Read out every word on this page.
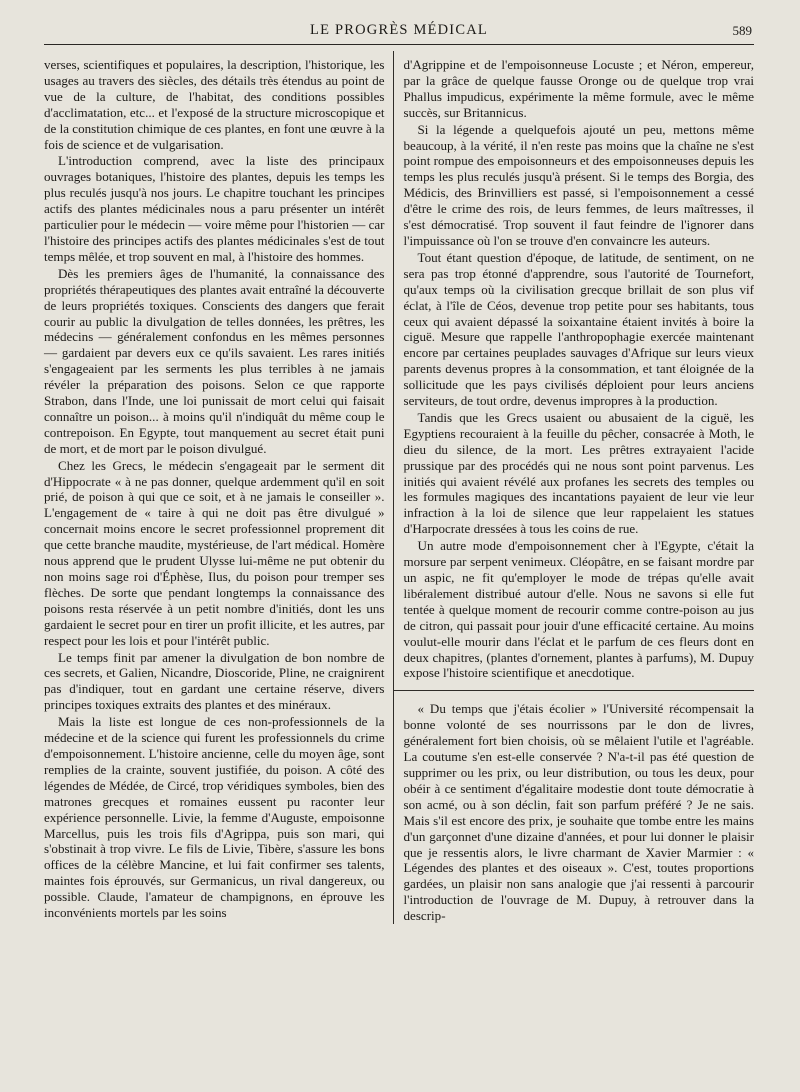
LE PROGRÈS MÉDICAL	589

verses, scientifiques et populaires, la description, l'historique, les usages au travers des siècles, des détails très étendus au point de vue de la culture, de l'habitat, des conditions possibles d'acclimatation, etc... et l'exposé de la structure microscopique et de la constitution chimique de ces plantes, en font une œuvre à la fois de science et de vulgarisation.

L'introduction comprend, avec la liste des principaux ouvrages botaniques, l'histoire des plantes, depuis les temps les plus reculés jusqu'à nos jours. Le chapitre touchant les principes actifs des plantes médicinales nous a paru présenter un intérêt particulier pour le médecin — voire même pour l'historien — car l'histoire des principes actifs des plantes médicinales s'est de tout temps mêlée, et trop souvent en mal, à l'histoire des hommes.

Dès les premiers âges de l'humanité, la connaissance des propriétés thérapeutiques des plantes avait entraîné la découverte de leurs propriétés toxiques. Conscients des dangers que ferait courir au public la divulgation de telles données, les prêtres, les médecins — généralement confondus en les mêmes personnes — gardaient par devers eux ce qu'ils savaient. Les rares initiés s'engageaient par les serments les plus terribles à ne jamais révéler la préparation des poisons. Selon ce que rapporte Strabon, dans l'Inde, une loi punissait de mort celui qui faisait connaître un poison... à moins qu'il n'indiquât du même coup le contrepoison. En Egypte, tout manquement au secret était puni de mort, et de mort par le poison divulgué.

Chez les Grecs, le médecin s'engageait par le serment dit d'Hippocrate « à ne pas donner, quelque ardemment qu'il en soit prié, de poison à qui que ce soit, et à ne jamais le conseiller ». L'engagement de « taire à qui ne doit pas être divulgué » concernait moins encore le secret professionnel proprement dit que cette branche maudite, mystérieuse, de l'art médical. Homère nous apprend que le prudent Ulysse lui-même ne put obtenir du non moins sage roi d'Éphèse, Ilus, du poison pour tremper ses flèches. De sorte que pendant longtemps la connaissance des poisons resta réservée à un petit nombre d'initiés, dont les uns gardaient le secret pour en tirer un profit illicite, et les autres, par respect pour les lois et pour l'intérêt public.

Le temps finit par amener la divulgation de bon nombre de ces secrets, et Galien, Nicandre, Dioscoride, Pline, ne craignirent pas d'indiquer, tout en gardant une certaine réserve, divers principes toxiques extraits des plantes et des minéraux.

Mais la liste est longue de ces non-professionnels de la médecine et de la science qui furent les professionnels du crime d'empoisonnement. L'histoire ancienne, celle du moyen âge, sont remplies de la crainte, souvent justifiée, du poison. A côté des légendes de Médée, de Circé, trop véridiques symboles, bien des matrones grecques et romaines eussent pu raconter leur expérience personnelle. Livie, la femme d'Auguste, empoisonne Marcellus, puis les trois fils d'Agrippa, puis son mari, qui s'obstinait à trop vivre. Le fils de Livie, Tibère, s'assure les bons offices de la célèbre Mancine, et lui fait confirmer ses talents, maintes fois éprouvés, sur Germanicus, un rival dangereux, ou possible. Claude, l'amateur de champignons, en éprouve les inconvénients mortels par les soins

d'Agrippine et de l'empoisonneuse Locuste ; et Néron, empereur, par la grâce de quelque fausse Oronge ou de quelque trop vrai Phallus impudicus, expérimente la même formule, avec le même succès, sur Britannicus.

Si la légende a quelquefois ajouté un peu, mettons même beaucoup, à la vérité, il n'en reste pas moins que la chaîne ne s'est point rompue des empoisonneurs et des empoisonneuses depuis les temps les plus reculés jusqu'à présent. Si le temps des Borgia, des Médicis, des Brinvilliers est passé, si l'empoisonnement a cessé d'être le crime des rois, de leurs femmes, de leurs maîtresses, il s'est démocratisé. Trop souvent il faut feindre de l'ignorer dans l'impuissance où l'on se trouve d'en convaincre les auteurs.

Tout étant question d'époque, de latitude, de sentiment, on ne sera pas trop étonné d'apprendre, sous l'autorité de Tournefort, qu'aux temps où la civilisation grecque brillait de son plus vif éclat, à l'île de Céos, devenue trop petite pour ses habitants, tous ceux qui avaient dépassé la soixantaine étaient invités à boire la ciguë. Mesure que rappelle l'anthropophagie exercée maintenant encore par certaines peuplades sauvages d'Afrique sur leurs vieux parents devenus propres à la consommation, et tant éloignée de la sollicitude que les pays civilisés déploient pour leurs anciens serviteurs, de tout ordre, devenus impropres à la production.

Tandis que les Grecs usaient ou abusaient de la ciguë, les Egyptiens recouraient à la feuille du pêcher, consacrée à Moth, le dieu du silence, de la mort. Les prêtres extrayaient l'acide prussique par des procédés qui ne nous sont point parvenus. Les initiés qui avaient révélé aux profanes les secrets des temples ou les formules magiques des incantations payaient de leur vie leur infraction à la loi de silence que leur rappelaient les statues d'Harpocrate dressées à tous les coins de rue.

Un autre mode d'empoisonnement cher à l'Egypte, c'était la morsure par serpent venimeux. Cléopâtre, en se faisant mordre par un aspic, ne fit qu'employer le mode de trépas qu'elle avait libéralement distribué autour d'elle. Nous ne savons si elle fut tentée à quelque moment de recourir comme contre-poison au jus de citron, qui passait pour jouir d'une efficacité certaine. Au moins voulut-elle mourir dans l'éclat et le parfum de ces fleurs dont en deux chapitres, (plantes d'ornement, plantes à parfums), M. Dupuy expose l'histoire scientifique et anecdotique.

« Du temps que j'étais écolier » l'Université récompensait la bonne volonté de ses nourrissons par le don de livres, généralement fort bien choisis, où se mêlaient l'utile et l'agréable. La coutume s'en est-elle conservée ? N'a-t-il pas été question de supprimer ou les prix, ou leur distribution, ou tous les deux, pour obéir à ce sentiment d'égalitaire modestie dont toute démocratie à son acmé, ou à son déclin, fait son parfum préféré ? Je ne sais. Mais s'il est encore des prix, je souhaite que tombe entre les mains d'un garçonnet d'une dizaine d'années, et pour lui donner le plaisir que je ressentis alors, le livre charmant de Xavier Marmier : « Légendes des plantes et des oiseaux ». C'est, toutes proportions gardées, un plaisir non sans analogie que j'ai ressenti à parcourir l'introduction de l'ouvrage de M. Dupuy, à retrouver dans la descrip-
